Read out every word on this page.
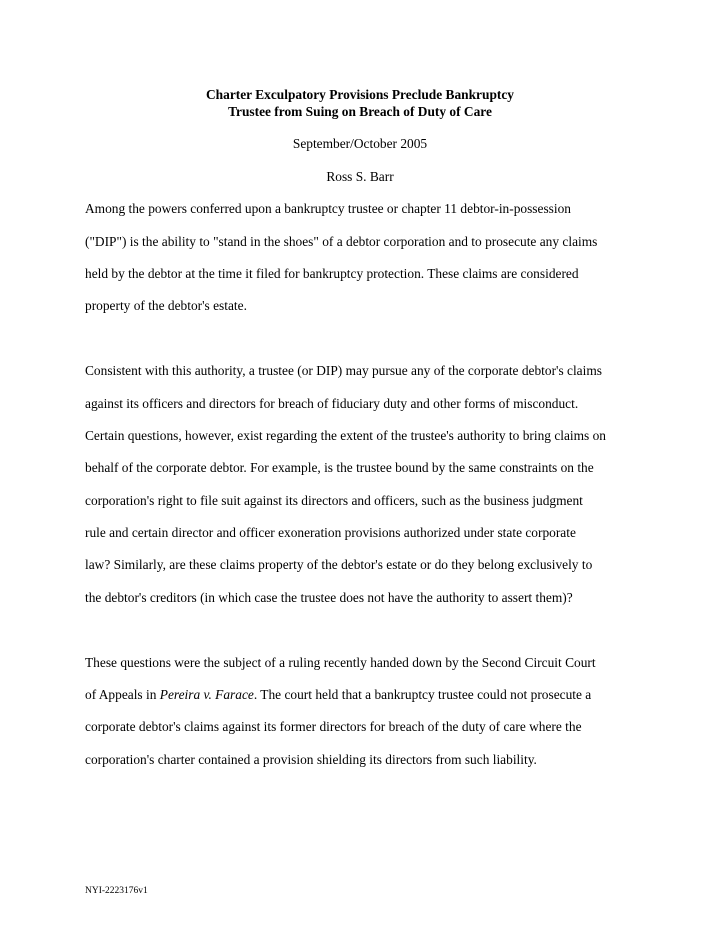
Charter Exculpatory Provisions Preclude Bankruptcy
Trustee from Suing on Breach of Duty of Care
September/October 2005
Ross S. Barr
Among the powers conferred upon a bankruptcy trustee or chapter 11 debtor-in-possession
("DIP") is the ability to "stand in the shoes" of a debtor corporation and to prosecute any claims
held by the debtor at the time it filed for bankruptcy protection. These claims are considered
property of the debtor's estate.
Consistent with this authority, a trustee (or DIP) may pursue any of the corporate debtor's claims
against its officers and directors for breach of fiduciary duty and other forms of misconduct.
Certain questions, however, exist regarding the extent of the trustee's authority to bring claims on
behalf of the corporate debtor. For example, is the trustee bound by the same constraints on the
corporation's right to file suit against its directors and officers, such as the business judgment
rule and certain director and officer exoneration provisions authorized under state corporate
law? Similarly, are these claims property of the debtor's estate or do they belong exclusively to
the debtor's creditors (in which case the trustee does not have the authority to assert them)?
These questions were the subject of a ruling recently handed down by the Second Circuit Court
of Appeals in Pereira v. Farace. The court held that a bankruptcy trustee could not prosecute a
corporate debtor's claims against its former directors for breach of the duty of care where the
corporation's charter contained a provision shielding its directors from such liability.
NYI-2223176v1
